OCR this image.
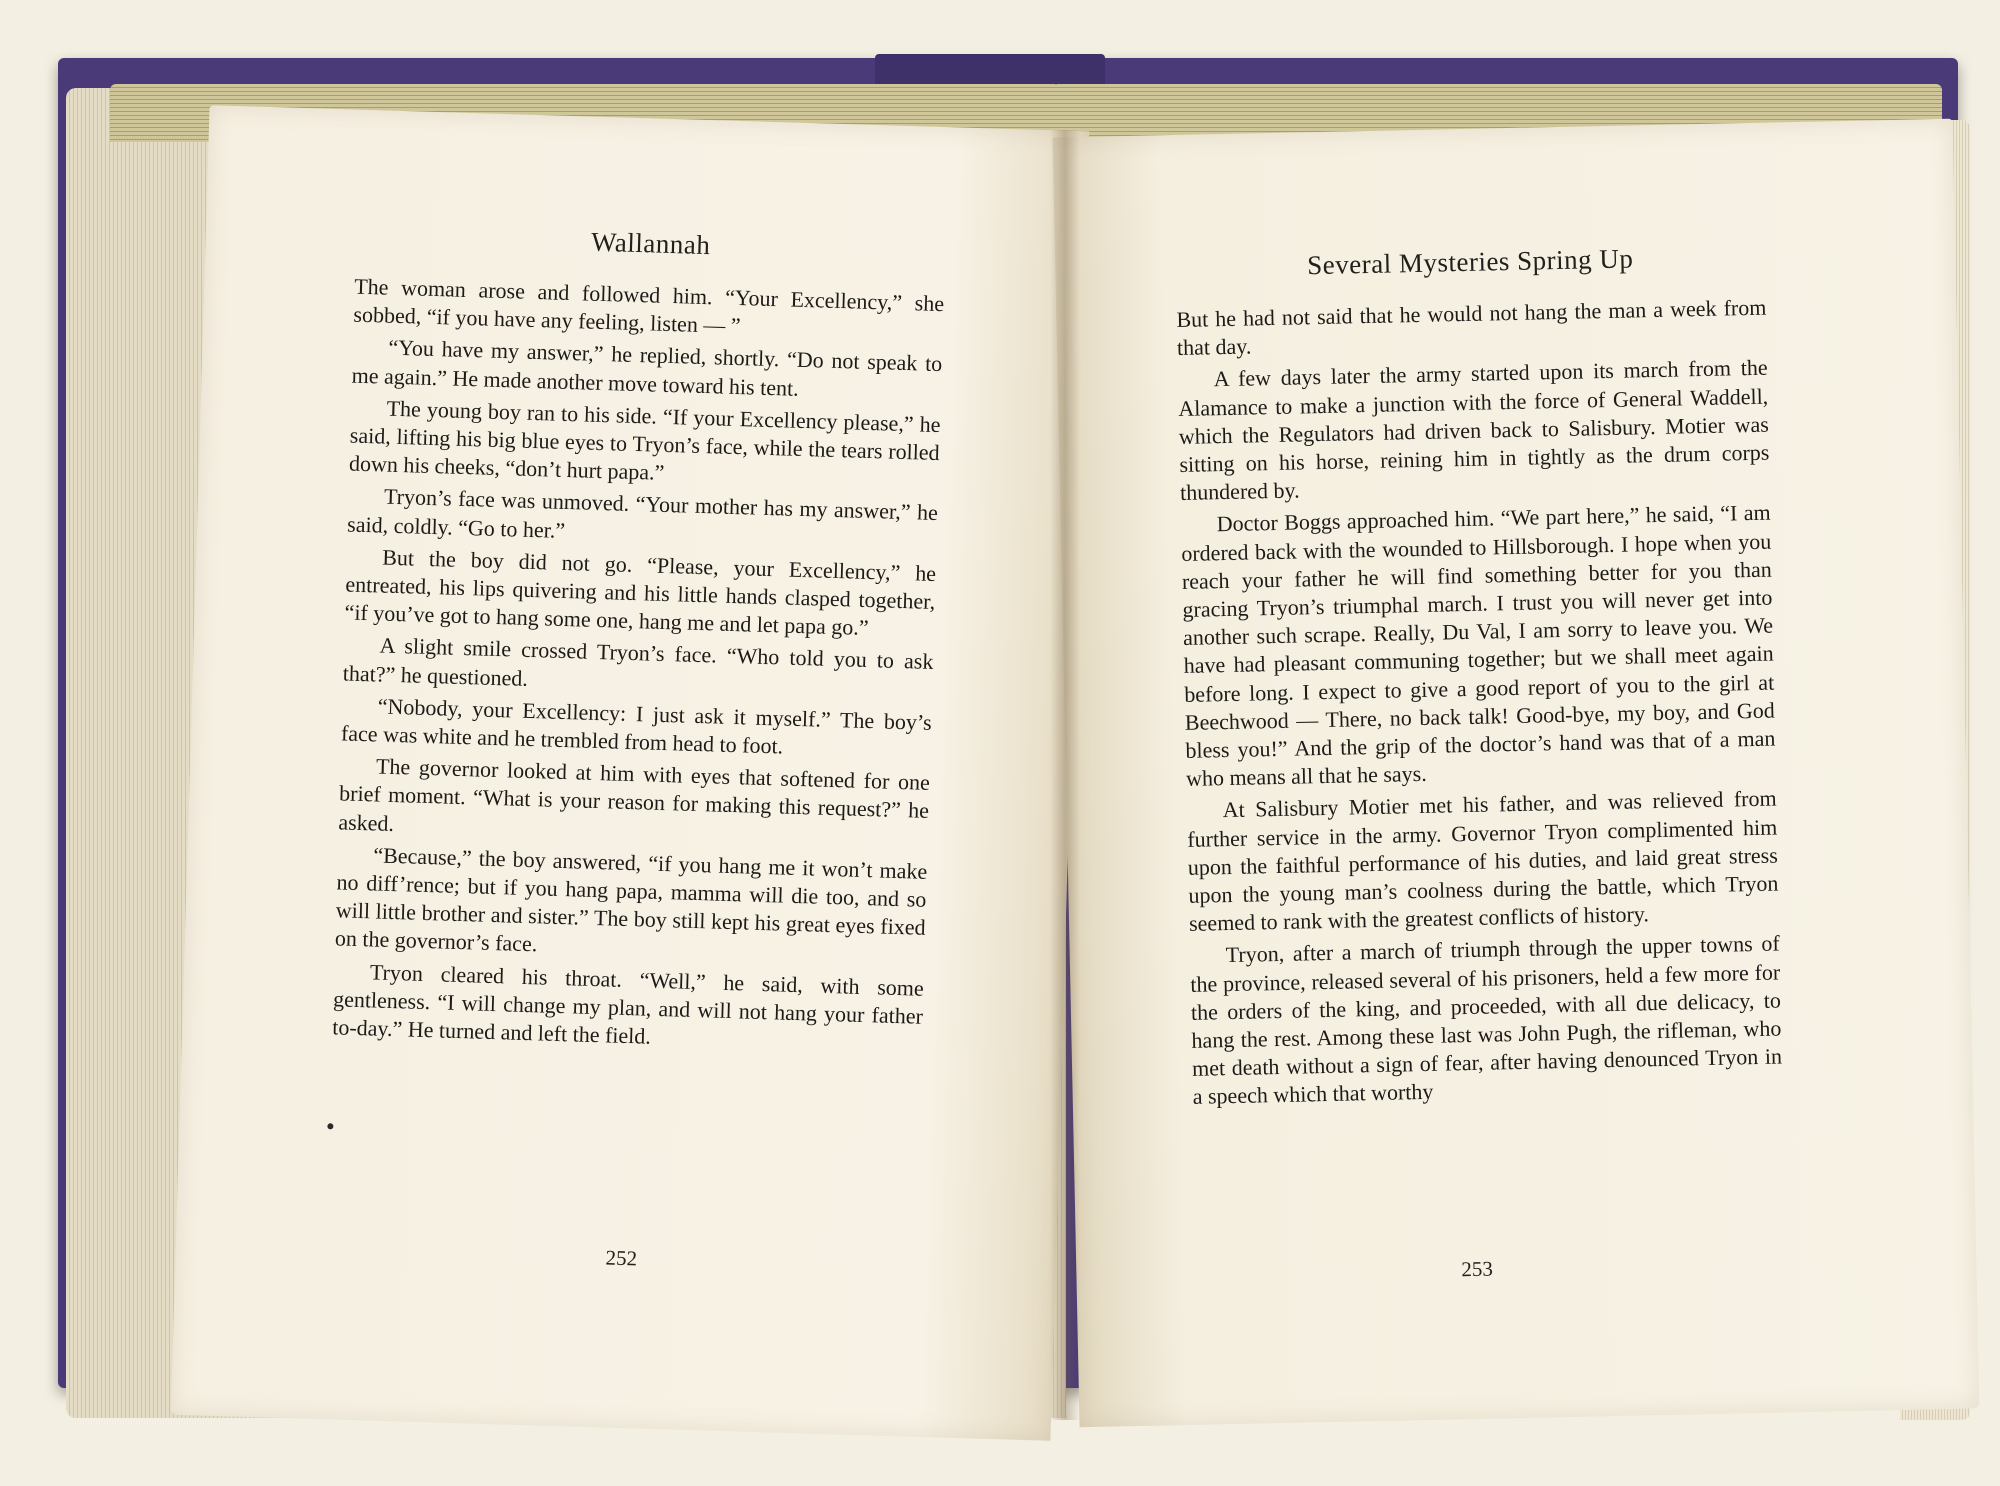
Wallannah

The woman arose and followed him. “Your Excellency,” she sobbed, “if you have any feeling, listen — ”

“You have my answer,” he replied, shortly. “Do not speak to me again.” He made another move toward his tent.

The young boy ran to his side. “If your Excellency please,” he said, lifting his big blue eyes to Tryon’s face, while the tears rolled down his cheeks, “don’t hurt papa.”

Tryon’s face was unmoved. “Your mother has my answer,” he said, coldly. “Go to her.”

But the boy did not go. “Please, your Excellency,” he entreated, his lips quivering and his little hands clasped together, “if you’ve got to hang some one, hang me and let papa go.”

A slight smile crossed Tryon’s face. “Who told you to ask that?” he questioned.

“Nobody, your Excellency: I just ask it myself.” The boy’s face was white and he trembled from head to foot.

The governor looked at him with eyes that softened for one brief moment. “What is your reason for making this request?” he asked.

“Because,” the boy answered, “if you hang me it won’t make no diff’rence; but if you hang papa, mamma will die too, and so will little brother and sister.” The boy still kept his great eyes fixed on the governor’s face.

Tryon cleared his throat. “Well,” he said, with some gentleness. “I will change my plan, and will not hang your father to-day.” He turned and left the field.

252
Several Mysteries Spring Up

But he had not said that he would not hang the man a week from that day.

A few days later the army started upon its march from the Alamance to make a junction with the force of General Waddell, which the Regulators had driven back to Salisbury. Motier was sitting on his horse, reining him in tightly as the drum corps thundered by.

Doctor Boggs approached him. “We part here,” he said, “I am ordered back with the wounded to Hillsborough. I hope when you reach your father he will find something better for you than gracing Tryon’s triumphal march. I trust you will never get into another such scrape. Really, Du Val, I am sorry to leave you. We have had pleasant communing together; but we shall meet again before long. I expect to give a good report of you to the girl at Beechwood — There, no back talk! Good-bye, my boy, and God bless you!” And the grip of the doctor’s hand was that of a man who means all that he says.

At Salisbury Motier met his father, and was relieved from further service in the army. Governor Tryon complimented him upon the faithful performance of his duties, and laid great stress upon the young man’s coolness during the battle, which Tryon seemed to rank with the greatest conflicts of history.

Tryon, after a march of triumph through the upper towns of the province, released several of his prisoners, held a few more for the orders of the king, and proceeded, with all due delicacy, to hang the rest. Among these last was John Pugh, the rifleman, who met death without a sign of fear, after having denounced Tryon in a speech which that worthy

253
